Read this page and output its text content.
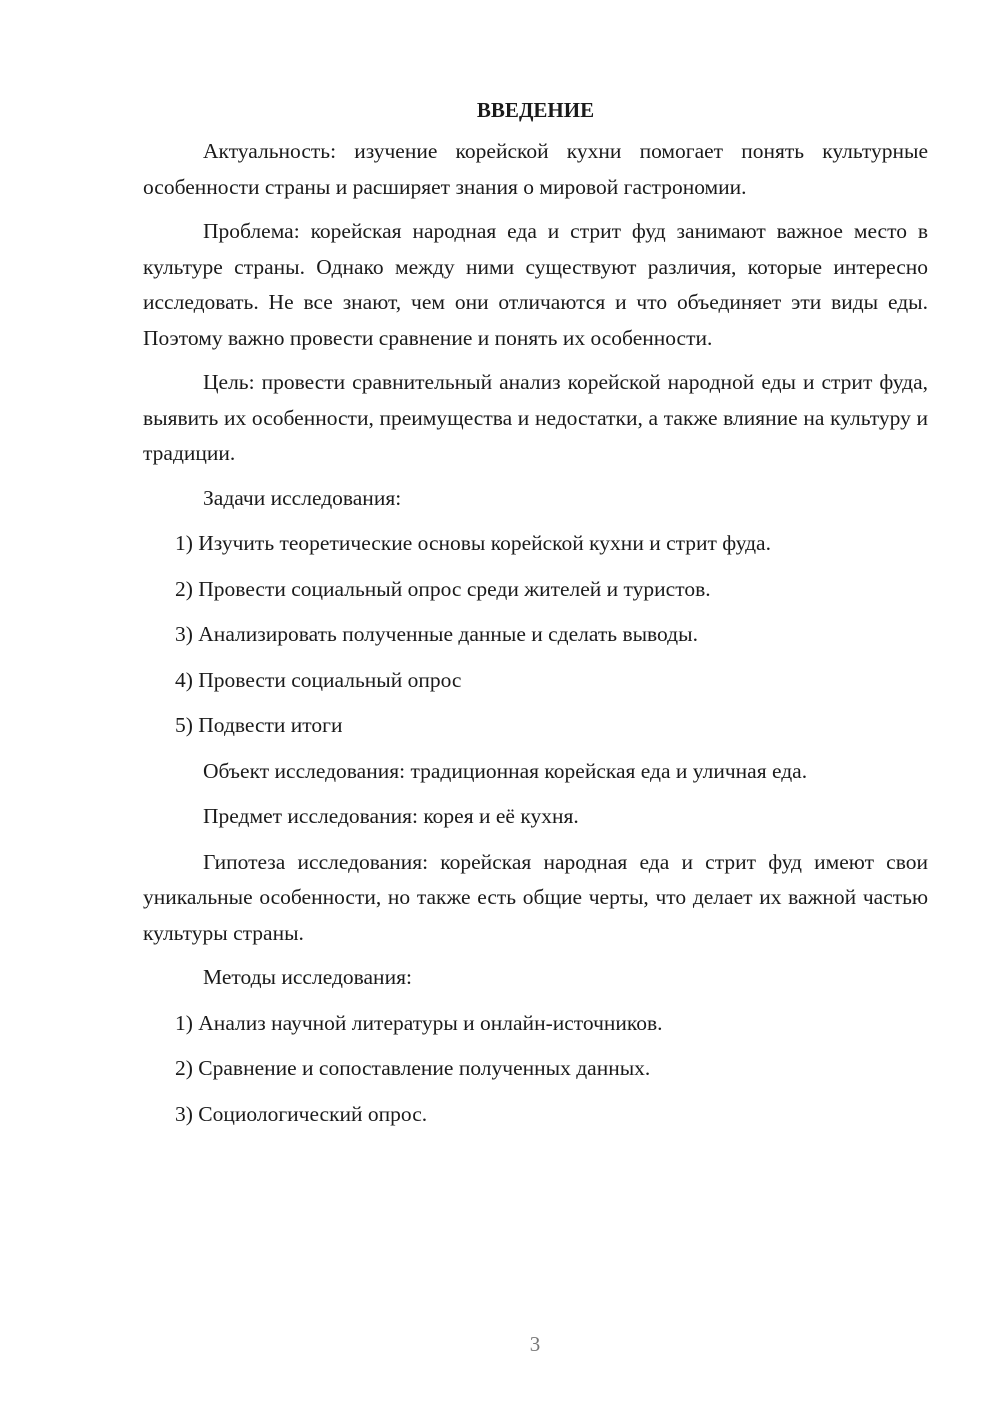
ВВЕДЕНИЕ

Актуальность: изучение корейской кухни помогает понять культурные особенности страны и расширяет знания о мировой гастрономии.

Проблема: корейская народная еда и стрит фуд занимают важное место в культуре страны. Однако между ними существуют различия, которые интересно исследовать. Не все знают, чем они отличаются и что объединяет эти виды еды. Поэтому важно провести сравнение и понять их особенности.

Цель: провести сравнительный анализ корейской народной еды и стрит фуда, выявить их особенности, преимущества и недостатки, а также влияние на культуру и традиции.

Задачи исследования:

1) Изучить теоретические основы корейской кухни и стрит фуда.

2) Провести социальный опрос среди жителей и туристов.

3) Анализировать полученные данные и сделать выводы.

4) Провести социальный опрос

5) Подвести итоги

Объект исследования: традиционная корейская еда и уличная еда.

Предмет исследования: корея и её кухня.

Гипотеза исследования: корейская народная еда и стрит фуд имеют свои уникальные особенности, но также есть общие черты, что делает их важной частью культуры страны.

Методы исследования:

1) Анализ научной литературы и онлайн-источников.

2) Сравнение и сопоставление полученных данных.

3) Социологический опрос.

3
